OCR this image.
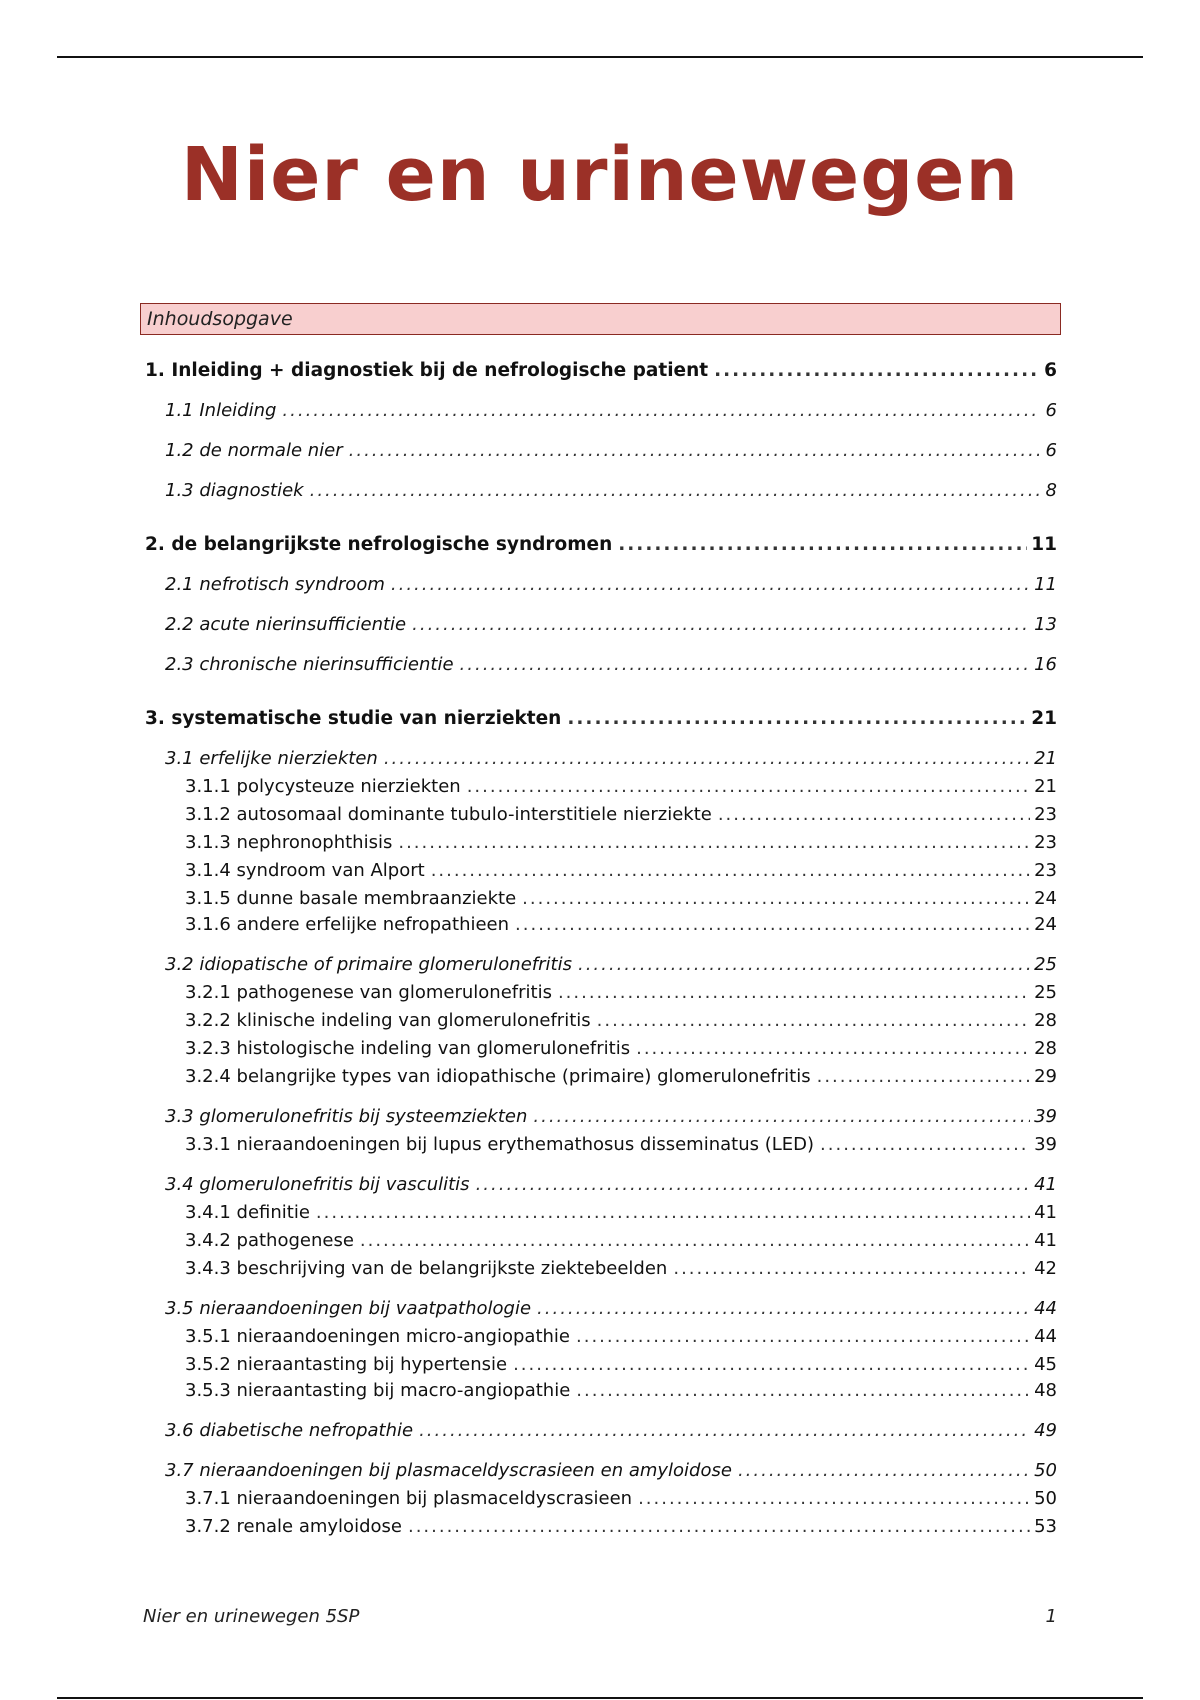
Nier en urinewegen
Inhoudsopgave
1. Inleiding + diagnostiek bij de nefrologische patient .....	6
1.1 Inleiding .....	6
1.2 de normale nier .....	6
1.3 diagnostiek .....	8
2. de belangrijkste nefrologische syndromen .....	11
2.1 nefrotisch syndroom .....	11
2.2 acute nierinsufficientie .....	13
2.3 chronische nierinsufficientie .....	16
3. systematische studie van nierziekten .....	21
3.1 erfelijke nierziekten .....	21
3.1.1 polycysteuze nierziekten .....	21
3.1.2 autosomaal dominante tubulo-interstitiele nierziekte .....	23
3.1.3 nephronophthisis .....	23
3.1.4 syndroom van Alport .....	23
3.1.5 dunne basale membraanziekte .....	24
3.1.6 andere erfelijke nefropathieen .....	24
3.2 idiopatische of primaire glomerulonefritis .....	25
3.2.1 pathogenese van glomerulonefritis .....	25
3.2.2 klinische indeling van glomerulonefritis .....	28
3.2.3 histologische indeling van glomerulonefritis .....	28
3.2.4 belangrijke types van idiopathische (primaire) glomerulonefritis .....	29
3.3 glomerulonefritis bij systeemziekten .....	39
3.3.1 nieraandoeningen bij lupus erythemathosus disseminatus (LED) .....	39
3.4 glomerulonefritis bij vasculitis .....	41
3.4.1 definitie .....	41
3.4.2 pathogenese .....	41
3.4.3 beschrijving van de belangrijkste ziektebeelden .....	42
3.5 nieraandoeningen bij vaatpathologie .....	44
3.5.1 nieraandoeningen micro-angiopathie .....	44
3.5.2 nieraantasting bij hypertensie .....	45
3.5.3 nieraantasting bij macro-angiopathie .....	48
3.6 diabetische nefropathie .....	49
3.7 nieraandoeningen bij plasmaceldyscrasieen en amyloidose .....	50
3.7.1 nieraandoeningen bij plasmaceldyscrasieen .....	50
3.7.2 renale amyloidose .....	53
Nier en urinewegen 5SP	1
